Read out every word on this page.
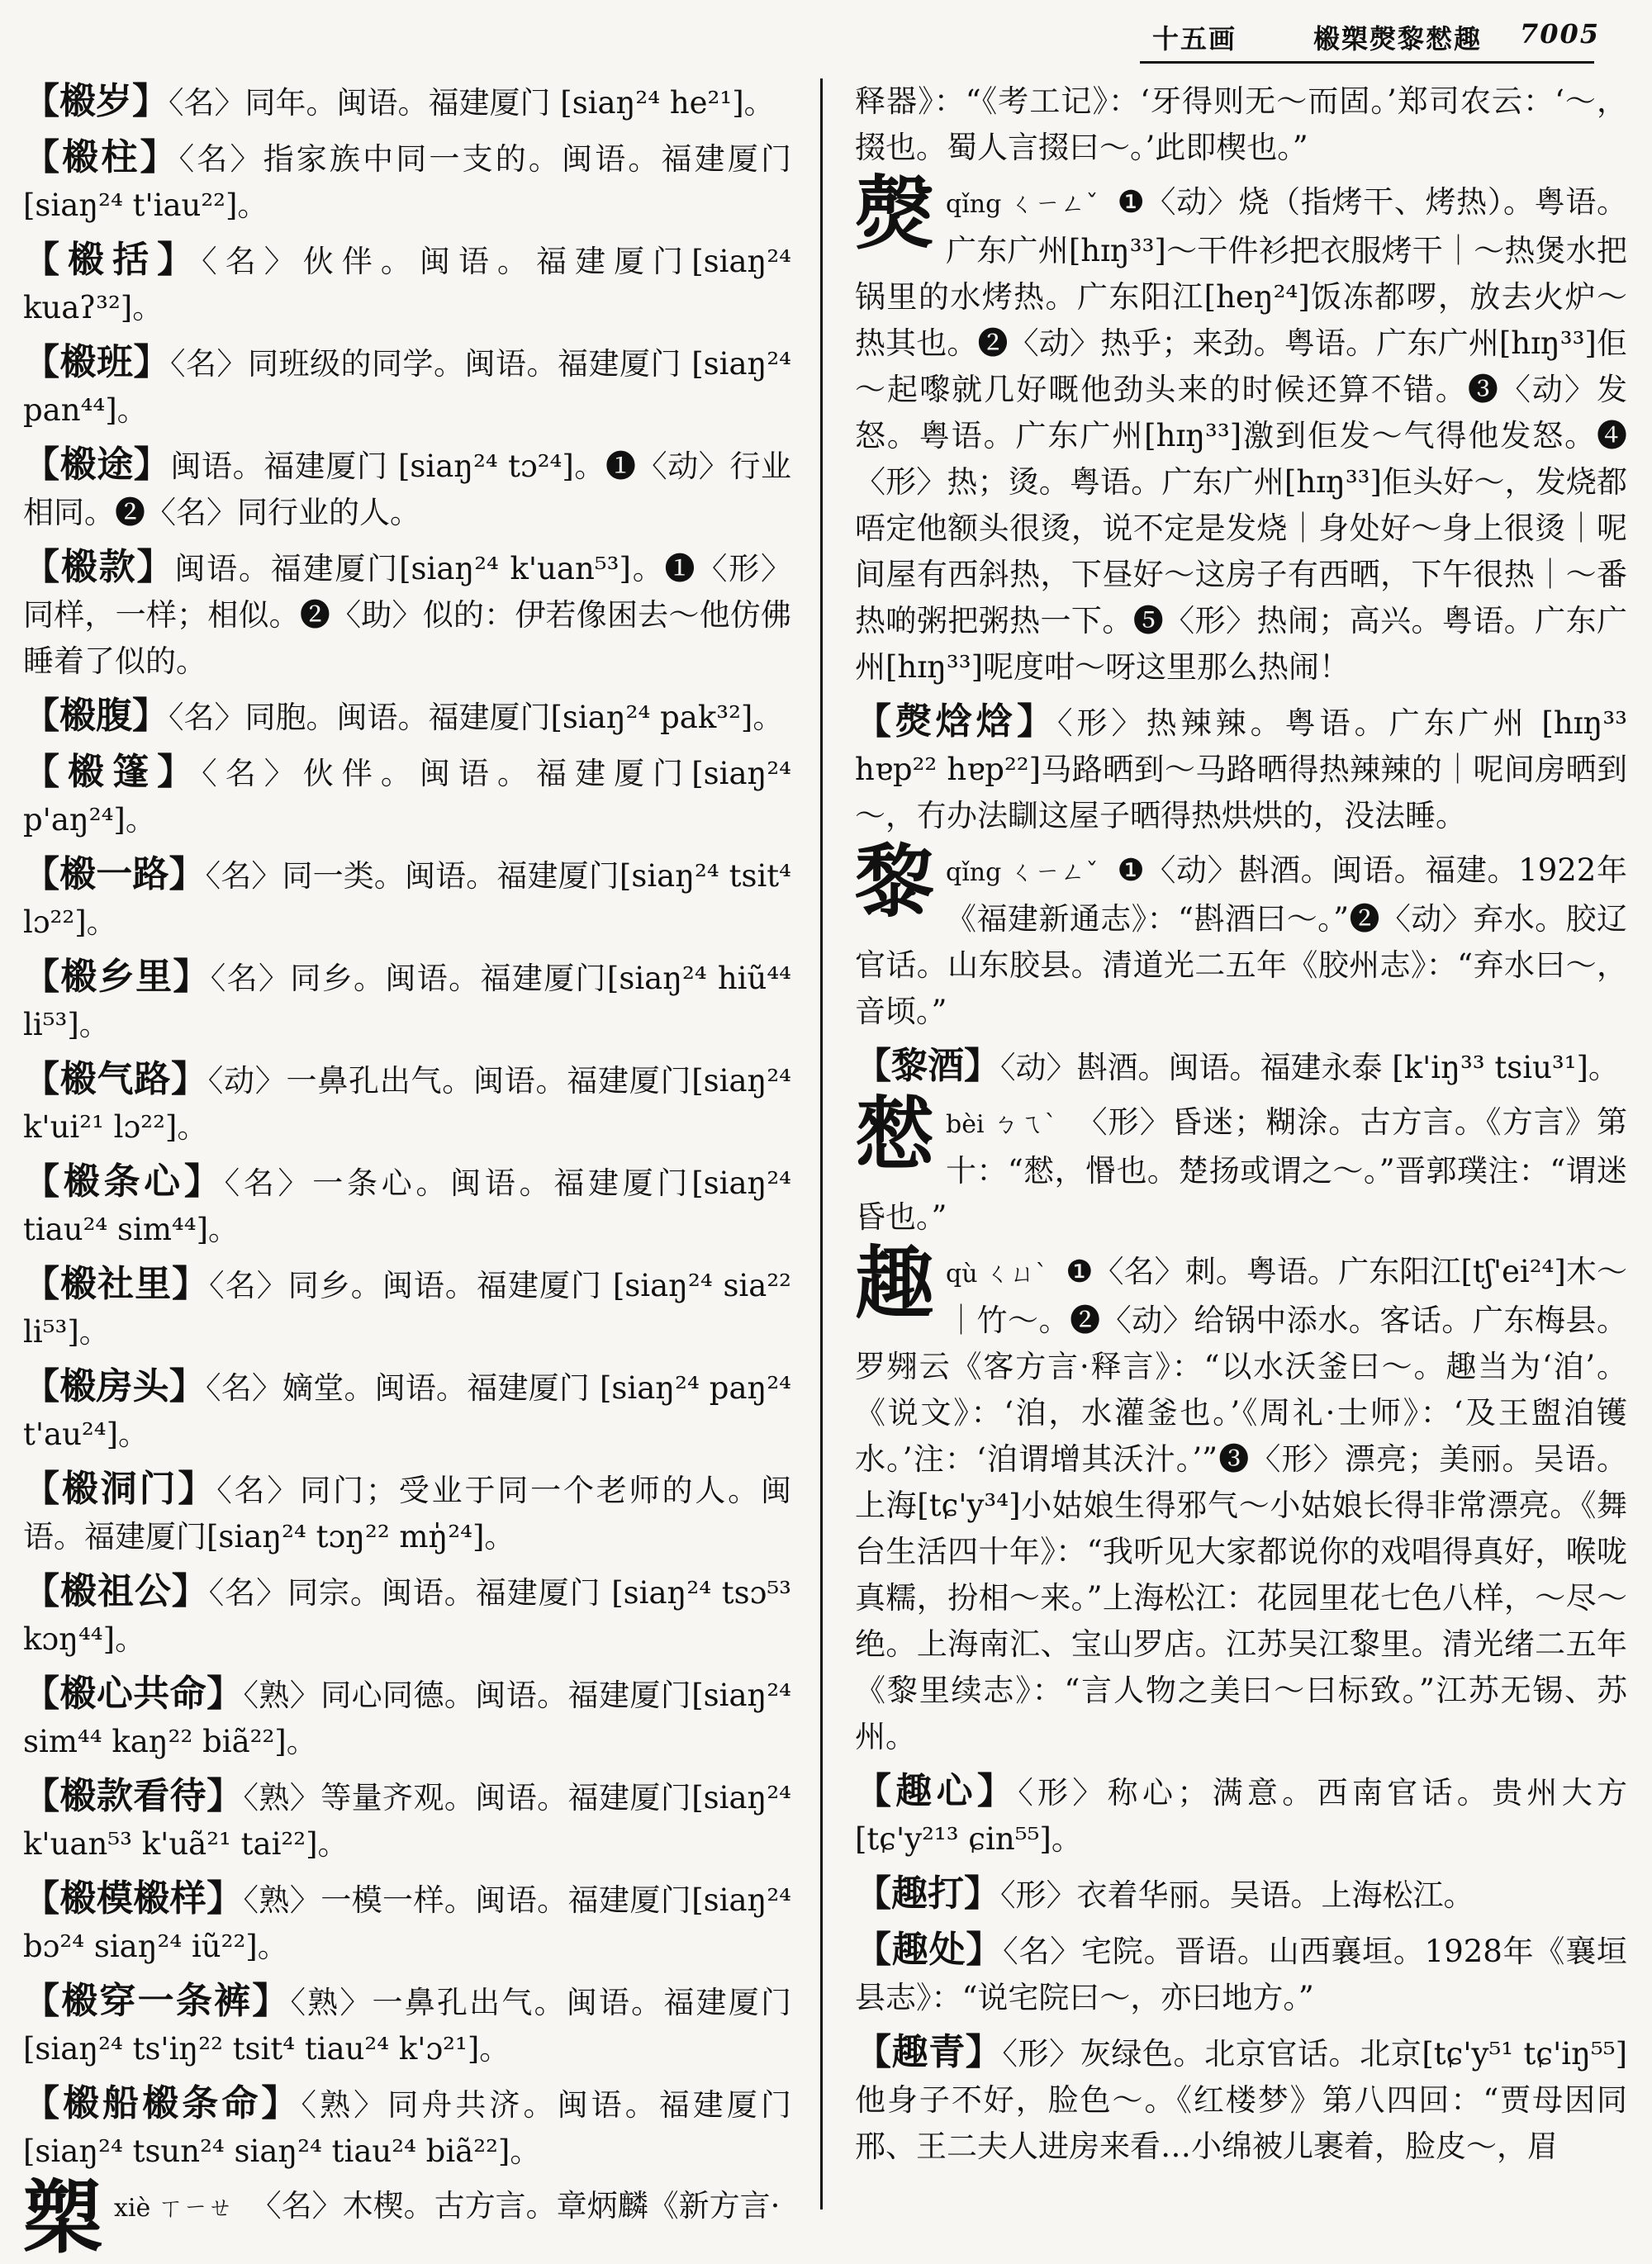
十五画	榝槊㷫黎憖趣 7005
【榝岁】〈名〉同年。闽语。福建厦门 [siaŋ²⁴ he²¹]。
【榝柱】〈名〉指家族中同一支的。闽语。福建厦门 [siaŋ²⁴ t'iau²²]。
【榝括】〈名〉伙伴。闽语。福建厦门[siaŋ²⁴ kuaʔ³²]。
【榝班】〈名〉同班级的同学。闽语。福建厦门 [siaŋ²⁴ pan⁴⁴]。
【榝途】闽语。福建厦门 [siaŋ²⁴ tɔ²⁴]。❶〈动〉行业相同。❷〈名〉同行业的人。
【榝款】闽语。福建厦门[siaŋ²⁴ k'uan⁵³]。❶〈形〉同样，一样；相似。❷〈助〉似的：伊若像困去～他仿佛睡着了似的。
【榝腹】〈名〉同胞。闽语。福建厦门[siaŋ²⁴ pak³²]。
【榝篷】〈名〉伙伴。闽语。福建厦门[siaŋ²⁴ p'aŋ²⁴]。
【榝一路】〈名〉同一类。闽语。福建厦门[siaŋ²⁴ tsit⁴ lɔ²²]。
【榝乡里】〈名〉同乡。闽语。福建厦门[siaŋ²⁴ hiũ⁴⁴ li⁵³]。
【榝气路】〈动〉一鼻孔出气。闽语。福建厦门[siaŋ²⁴ k'ui²¹ lɔ²²]。
【榝条心】〈名〉一条心。闽语。福建厦门[siaŋ²⁴ tiau²⁴ sim⁴⁴]。
【榝社里】〈名〉同乡。闽语。福建厦门 [siaŋ²⁴ sia²² li⁵³]。
【榝房头】〈名〉嫡堂。闽语。福建厦门 [siaŋ²⁴ paŋ²⁴ t'au²⁴]。
【榝洞门】〈名〉同门；受业于同一个老师的人。闽语。福建厦门[siaŋ²⁴ tɔŋ²² mŋ̍²⁴]。
【榝祖公】〈名〉同宗。闽语。福建厦门 [siaŋ²⁴ tsɔ⁵³ kɔŋ⁴⁴]。
【榝心共命】〈熟〉同心同德。闽语。福建厦门[siaŋ²⁴ sim⁴⁴ kaŋ²² biã²²]。
【榝款看待】〈熟〉等量齐观。闽语。福建厦门[siaŋ²⁴ k'uan⁵³ k'uã²¹ tai²²]。
【榝模榝样】〈熟〉一模一样。闽语。福建厦门[siaŋ²⁴ bɔ²⁴ siaŋ²⁴ iũ²²]。
【榝穿一条裤】〈熟〉一鼻孔出气。闽语。福建厦门 [siaŋ²⁴ ts'iŋ²² tsit⁴ tiau²⁴ k'ɔ²¹]。
【榝船榝条命】〈熟〉同舟共济。闽语。福建厦门 [siaŋ²⁴ tsun²⁴ siaŋ²⁴ tiau²⁴ biã²²]。
槊 xiè ㄒㄧㄝ 〈名〉木楔。古方言。章炳麟《新方言·
释器》：“《考工记》：‘牙得则无～而固。’郑司农云：‘～，掇也。蜀人言掇曰～。’此即楔也。”
㷫 qǐng ㄑㄧㄥˇ ❶〈动〉烧（指烤干、烤热）。粤语。广东广州[hɪŋ³³]～干件衫把衣服烤干｜～热煲水把锅里的水烤热。广东阳江[heŋ²⁴]饭冻都啰，放去火炉～热其也。❷〈动〉热乎；来劲。粤语。广东广州[hɪŋ³³]佢～起嚟就几好嘅他劲头来的时候还算不错。❸〈动〉发怒。粤语。广东广州[hɪŋ³³]激到佢发～气得他发怒。❹〈形〉热；烫。粤语。广东广州[hɪŋ³³]佢头好～，发烧都唔定他额头很烫，说不定是发烧｜身处好～身上很烫｜呢间屋有西斜热，下昼好～这房子有西晒，下午很热｜～番热啲粥把粥热一下。❺〈形〉热闹；高兴。粤语。广东广州[hɪŋ³³]呢度咁～呀这里那么热闹！
【㷫焓焓】〈形〉热辣辣。粤语。广东广州 [hɪŋ³³ hɐp²² hɐp²²]马路晒到～马路晒得热辣辣的｜呢间房晒到～，冇办法瞓这屋子晒得热烘烘的，没法睡。
黎 qǐng ㄑㄧㄥˇ ❶〈动〉斟酒。闽语。福建。1922年《福建新通志》：“斟酒曰～。”❷〈动〉弃水。胶辽官话。山东胶县。清道光二五年《胶州志》：“弃水曰～，音顷。”
【黎酒】〈动〉斟酒。闽语。福建永泰 [k'iŋ³³ tsiu³¹]。
憖 bèi ㄅㄟˋ 〈形〉昏迷；糊涂。古方言。《方言》第十：“憖，惽也。楚扬或谓之～。”晋郭璞注：“谓迷昏也。”
趣 qù ㄑㄩˋ ❶〈名〉刺。粤语。广东阳江[tʃ'ei²⁴]木～｜竹～。❷〈动〉给锅中添水。客话。广东梅县。罗翙云《客方言·释言》：“以水沃釜曰～。趣当为‘洎’。《说文》：‘洎，水灌釜也。’《周礼·士师》：‘及王盥洎镬水。’注：‘洎谓增其沃汁。’”❸〈形〉漂亮；美丽。吴语。上海[tɕ'y³⁴]小姑娘生得邪气～小姑娘长得非常漂亮。《舞台生活四十年》：“我听见大家都说你的戏唱得真好，喉咙真糯，扮相～来。”上海松江：花园里花七色八样，～尽～绝。上海南汇、宝山罗店。江苏吴江黎里。清光绪二五年《黎里续志》：“言人物之美曰～曰标致。”江苏无锡、苏州。
【趣心】〈形〉称心；满意。西南官话。贵州大方[tɕ'y²¹³ ɕin⁵⁵]。
【趣打】〈形〉衣着华丽。吴语。上海松江。
【趣处】〈名〉宅院。晋语。山西襄垣。1928年《襄垣县志》：“说宅院曰～，亦曰地方。”
【趣青】〈形〉灰绿色。北京官话。北京[tɕ'y⁵¹ tɕ'iŋ⁵⁵]他身子不好，脸色～。《红楼梦》第八四回：“贾母因同邢、王二夫人进房来看…小绵被儿裹着，脸皮～，眉
